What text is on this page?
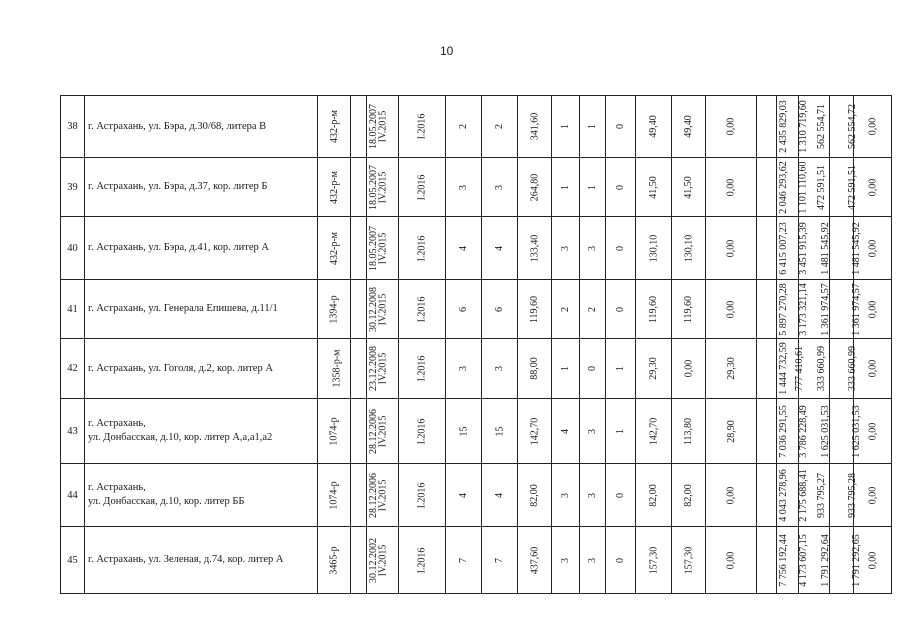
10
38	г. Астрахань, ул. Бэра, д.30/68, литера В	432-р-м	18.05.2007	IV.2015	I.2016	2	2	341,60	1	1	0	49,40	49,40	0,00	2 435 829,03	1 310 719,60	562 554,71	562 554,72	0,00
39	г. Астрахань, ул. Бэра, д.37, кор. литер Б	432-р-м	18.05.2007	IV.2015	I.2016	3	3	264,80	1	1	0	41,50	41,50	0,00	2 046 293,62	1 101 110,60	472 591,51	472 591,51	0,00
40	г. Астрахань, ул. Бэра, д.41, кор. литер А	432-р-м	18.05.2007	IV.2015	I.2016	4	4	133,40	3	3	0	130,10	130,10	0,00	6 415 007,23	3 451 915,39	1 481 545,92	1 481 545,92	0,00
41	г. Астрахань, ул. Генерала Епишева, д.11/1	1394-р	30.12.2008	IV.2015	I.2016	6	6	119,60	2	2	0	119,60	119,60	0,00	5 897 270,28	3 173 321,14	1 361 974,57	1 361 974,57	0,00
42	г. Астрахань, ул. Гоголя, д.2, кор. литер А	1358-р-м	23.12.2008	IV.2015	I.2016	3	3	88,00	1	0	1	29,30	0,00	29,30	1 444 732,59	777 410,61	333 660,99	333 660,99	0,00
43	г. Астрахань,
ул. Донбасская, д.10, кор. литер А,а,а1,а2	1074-р	28.12.2006	IV.2015	I.2016	15	15	142,70	4	3	1	142,70	113,80	28,90	7 036 291,55	3 786 228,49	1 625 031,53	1 625 031,53	0,00
44	г. Астрахань,
ул. Донбасская, д.10, кор. литер ББ	1074-р	28.12.2006	IV.2015	I.2016	4	4	82,00	3	3	0	82,00	82,00	0,00	4 043 278,96	2 175 688,41	933 795,27	933 795,28	0,00
45	г. Астрахань, ул. Зеленая, д.74, кор. литер А	3465-р	30.12.2002	IV.2015	I.2016	7	7	437,60	3	3	0	157,30	157,30	0,00	7 756 192,44	4 173 607,15	1 791 292,64	1 791 292,65	0,00
